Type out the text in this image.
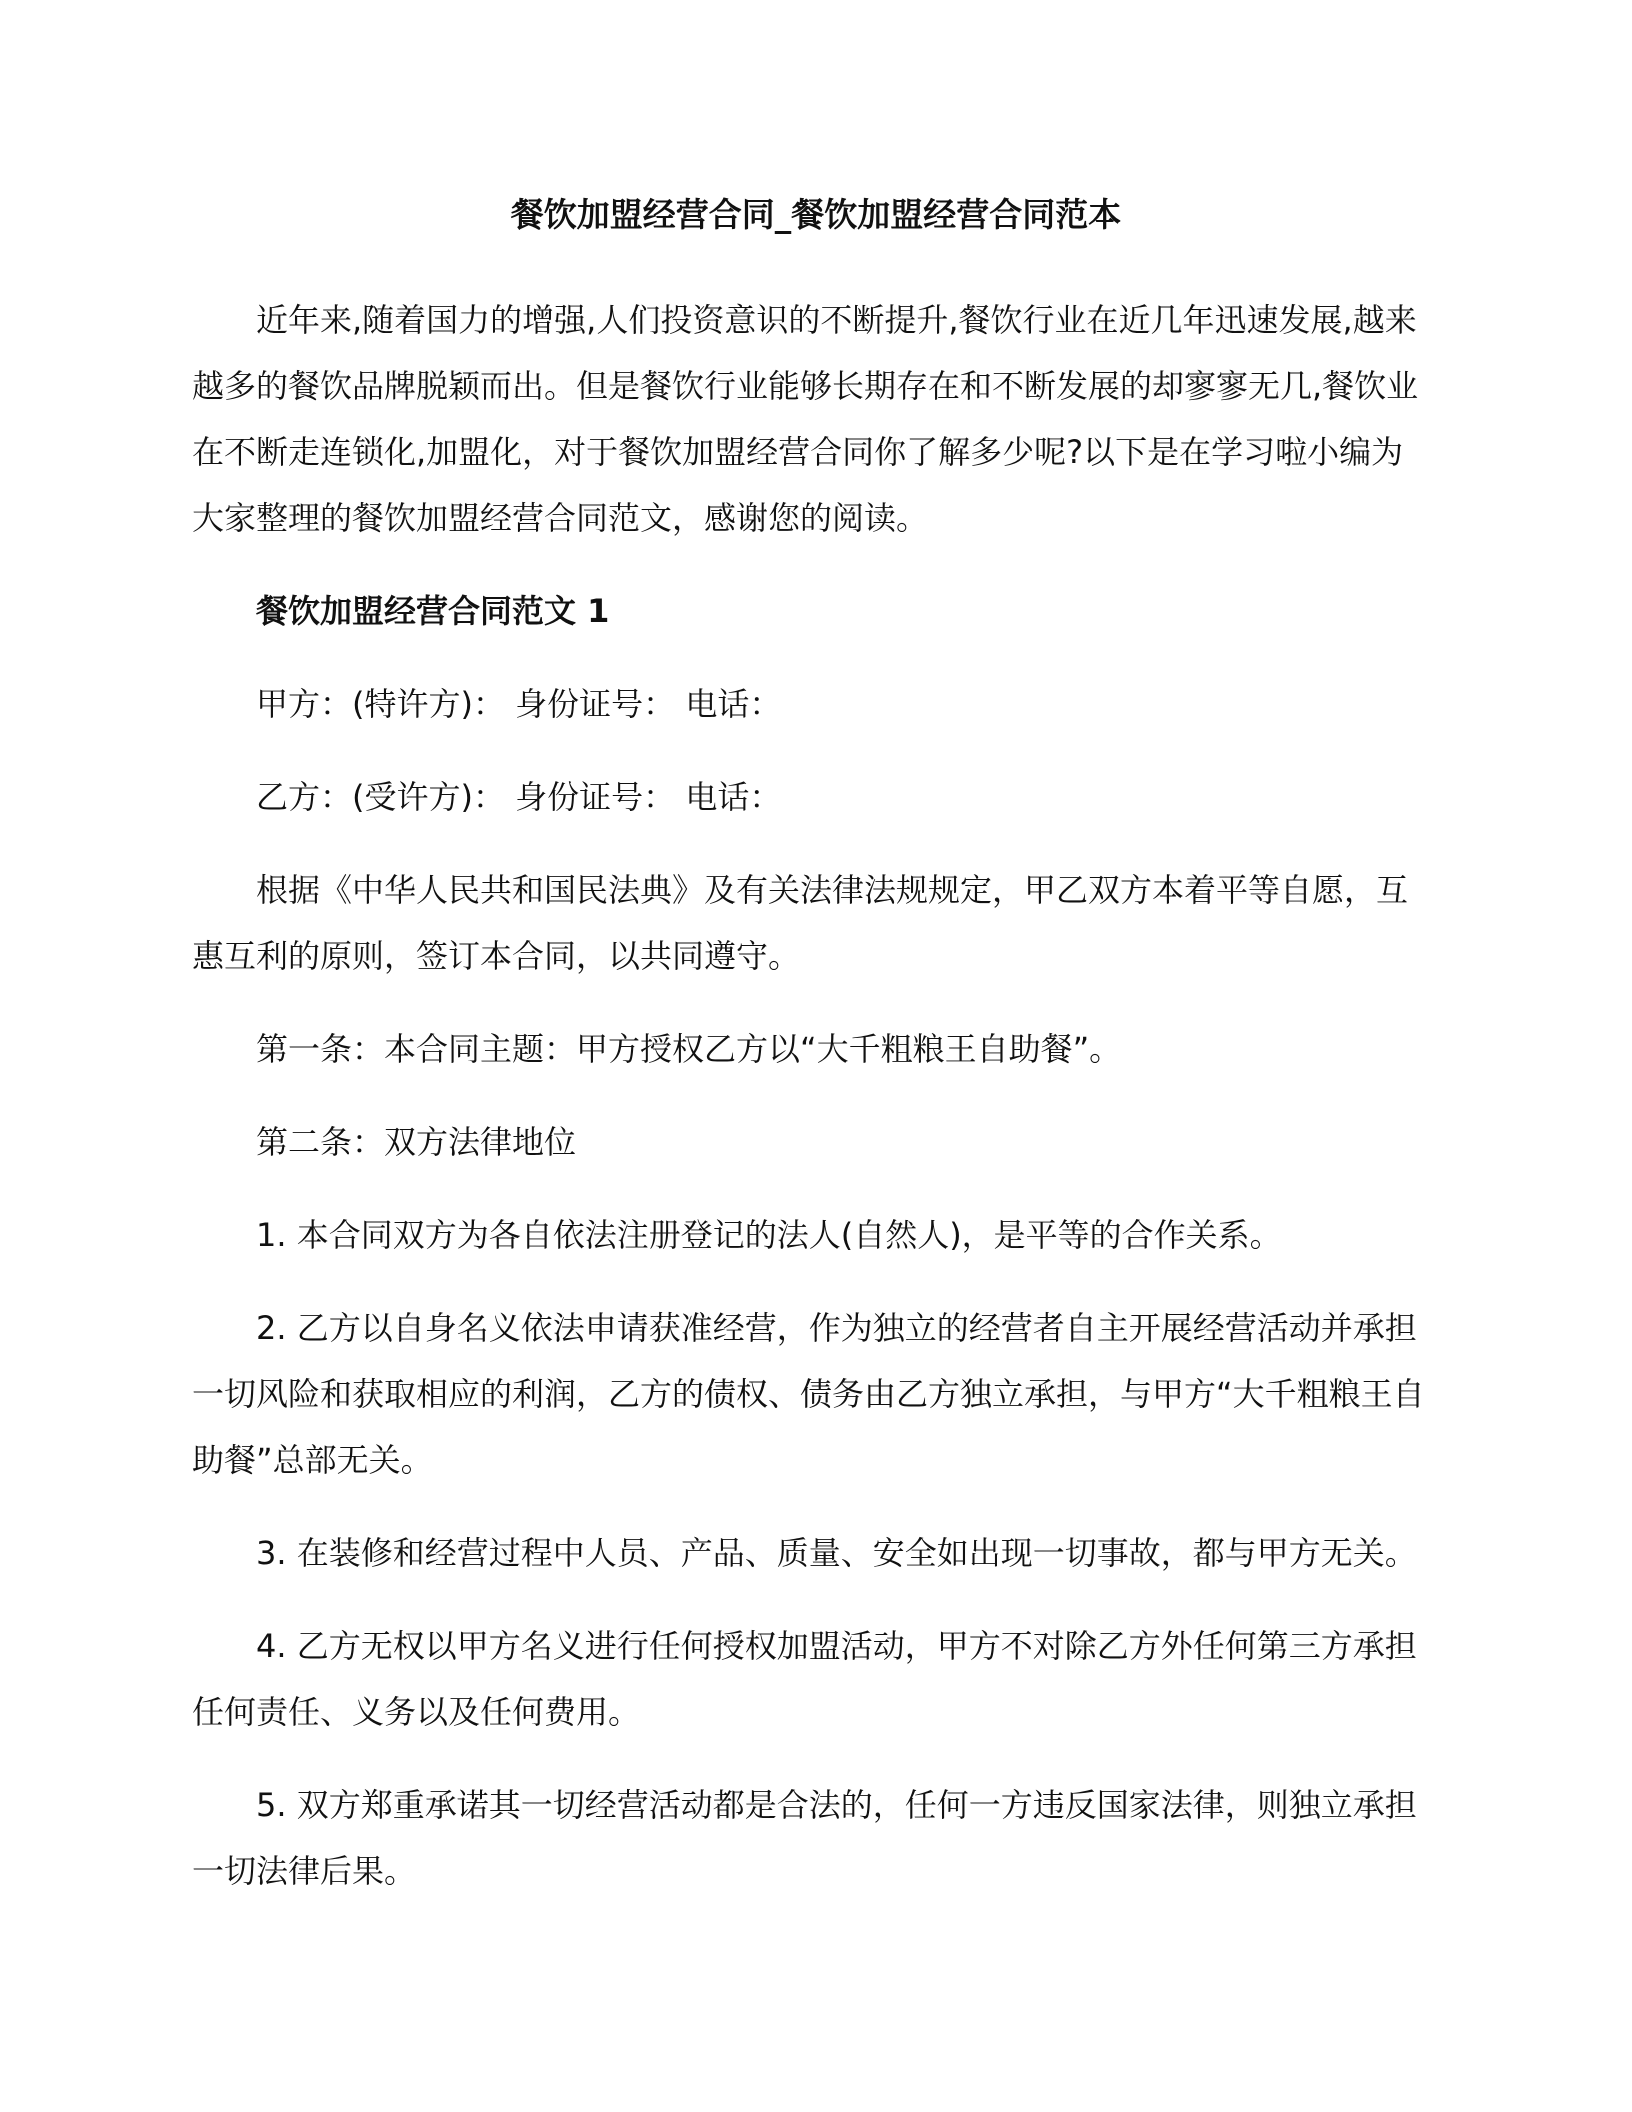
餐饮加盟经营合同_餐饮加盟经营合同范本

近年来,随着国力的增强,人们投资意识的不断提升,餐饮行业在近几年迅速发展,越来越多的餐饮品牌脱颖而出。但是餐饮行业能够长期存在和不断发展的却寥寥无几,餐饮业在不断走连锁化,加盟化，对于餐饮加盟经营合同你了解多少呢?以下是在学习啦小编为大家整理的餐饮加盟经营合同范文，感谢您的阅读。

餐饮加盟经营合同范文 1

甲方：(特许方)： 身份证号： 电话：

乙方：(受许方)： 身份证号： 电话：

根据《中华人民共和国民法典》及有关法律法规规定，甲乙双方本着平等自愿，互惠互利的原则，签订本合同，以共同遵守。

第一条：本合同主题：甲方授权乙方以“大千粗粮王自助餐”。

第二条：双方法律地位

1. 本合同双方为各自依法注册登记的法人(自然人)，是平等的合作关系。

2. 乙方以自身名义依法申请获准经营，作为独立的经营者自主开展经营活动并承担一切风险和获取相应的利润，乙方的债权、债务由乙方独立承担，与甲方“大千粗粮王自助餐”总部无关。

3. 在装修和经营过程中人员、产品、质量、安全如出现一切事故，都与甲方无关。

4. 乙方无权以甲方名义进行任何授权加盟活动，甲方不对除乙方外任何第三方承担任何责任、义务以及任何费用。

5. 双方郑重承诺其一切经营活动都是合法的，任何一方违反国家法律，则独立承担一切法律后果。
